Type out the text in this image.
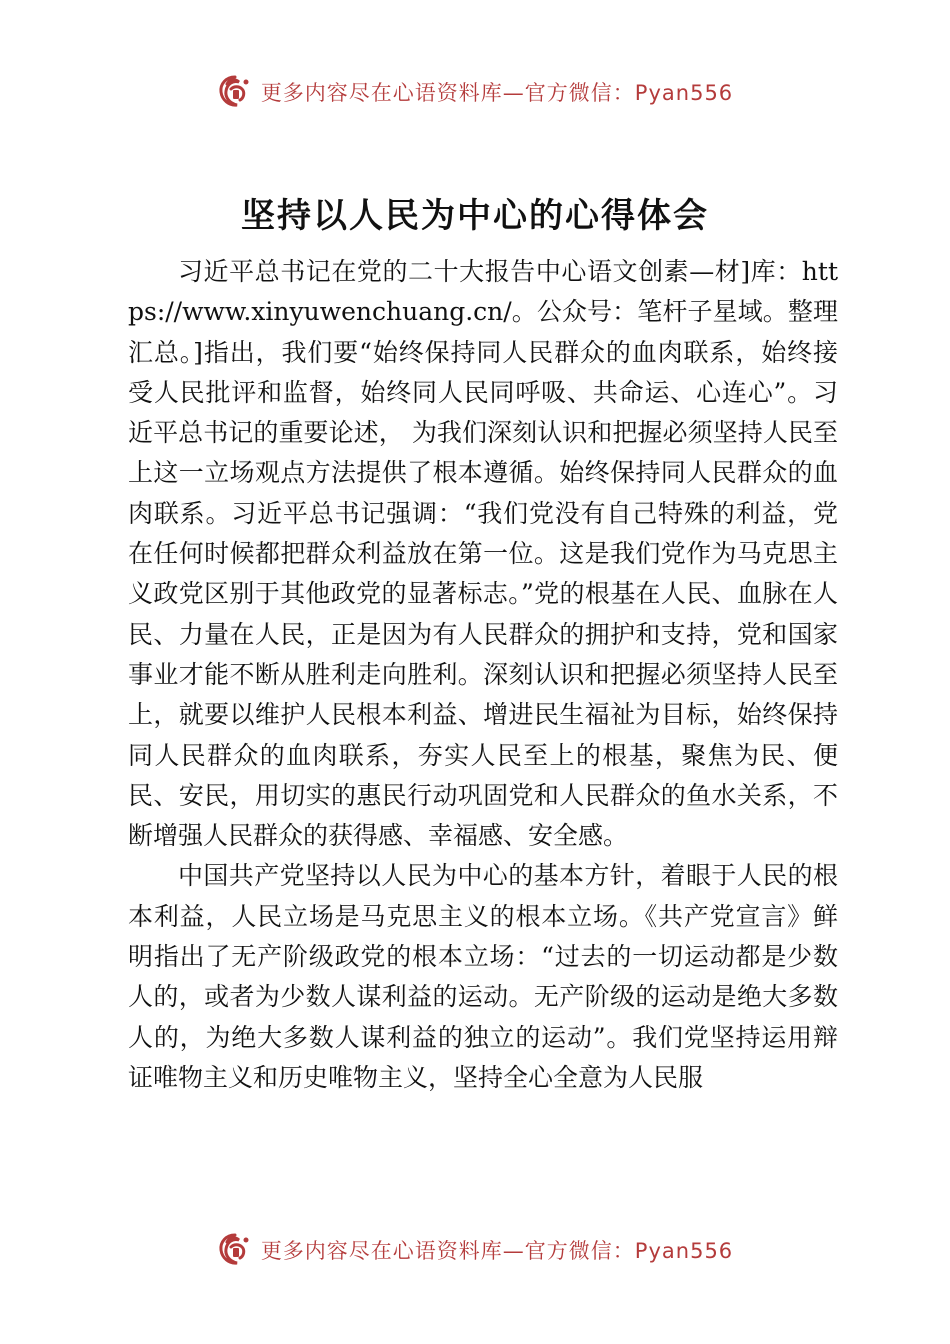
更多内容尽在心语资料库—官方微信：Pyan556
坚持以人民为中心的心得体会

习近平总书记在党的二十大报告中心语文创素—材]库：https://www.xinyuwenchuang.cn/。公众号：笔杆子星域。整理汇总。]指出，我们要“始终保持同人民群众的血肉联系，始终接受人民批评和监督，始终同人民同呼吸、共命运、心连心”。习近平总书记的重要论述， 为我们深刻认识和把握必须坚持人民至上这一立场观点方法提供了根本遵循。始终保持同人民群众的血肉联系。习近平总书记强调：“我们党没有自己特殊的利益，党在任何时候都把群众利益放在第一位。这是我们党作为马克思主义政党区别于其他政党的显著标志。”党的根基在人民、血脉在人民、力量在人民，正是因为有人民群众的拥护和支持，党和国家事业才能不断从胜利走向胜利。深刻认识和把握必须坚持人民至上，就要以维护人民根本利益、增进民生福祉为目标，始终保持同人民群众的血肉联系，夯实人民至上的根基，聚焦为民、便民、安民，用切实的惠民行动巩固党和人民群众的鱼水关系，不断增强人民群众的获得感、幸福感、安全感。

中国共产党坚持以人民为中心的基本方针，着眼于人民的根本利益，人民立场是马克思主义的根本立场。《共产党宣言》鲜明指出了无产阶级政党的根本立场：“过去的一切运动都是少数人的，或者为少数人谋利益的运动。无产阶级的运动是绝大多数人的，为绝大多数人谋利益的独立的运动”。我们党坚持运用辩证唯物主义和历史唯物主义，坚持全心全意为人民服

更多内容尽在心语资料库—官方微信：Pyan556
